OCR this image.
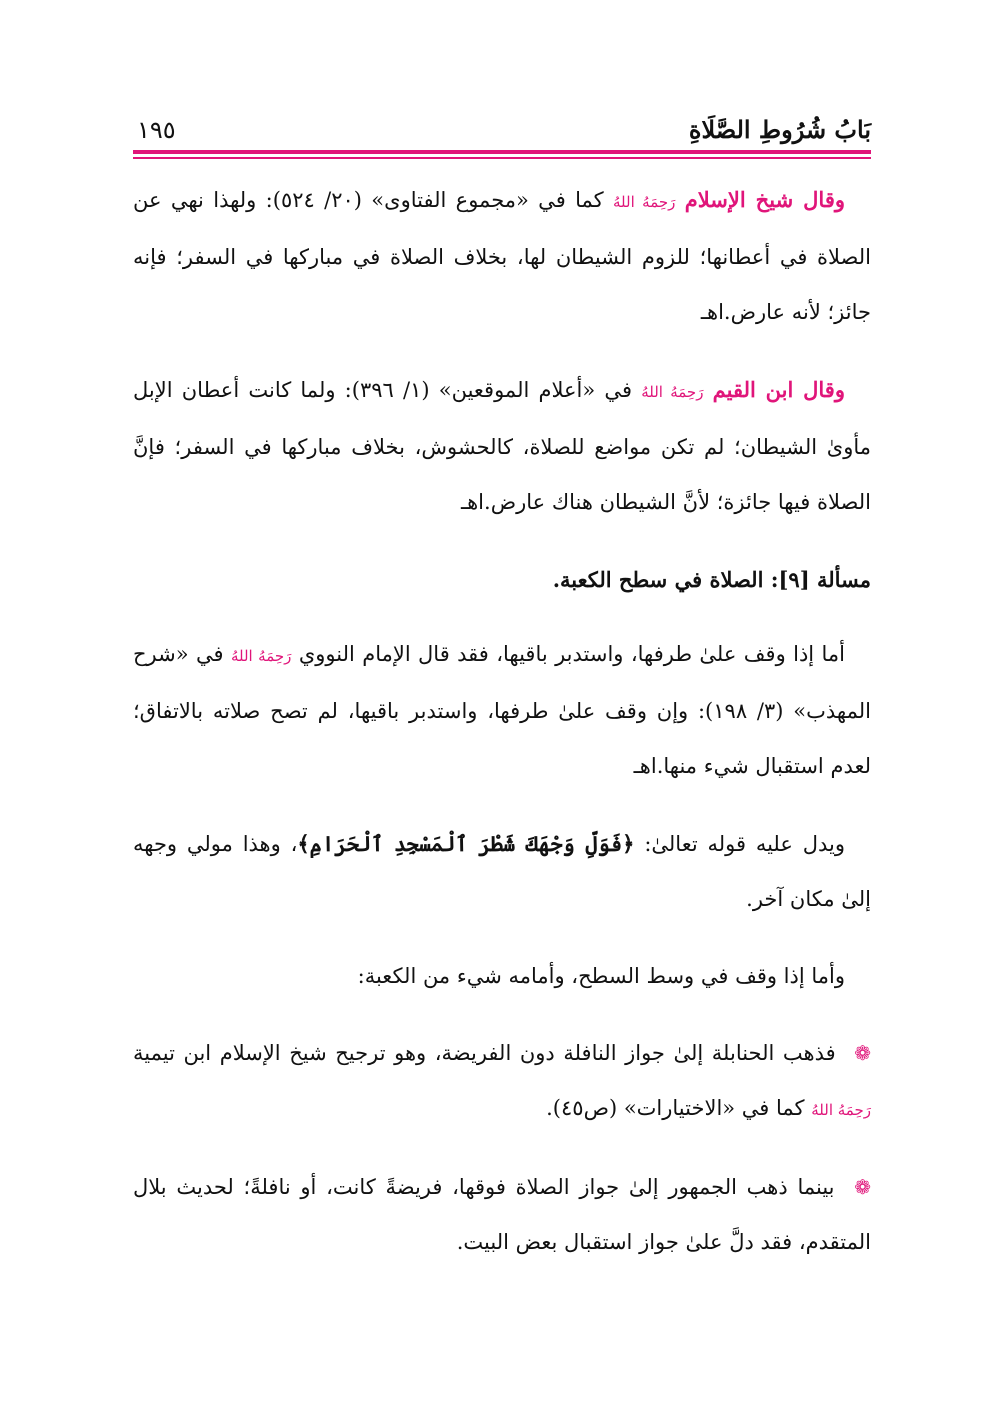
بَابُ شُرُوطِ الصَّلَاةِ
١٩٥

وقال شيخ الإسلام رَحِمَهُ اللهُ كما في «مجموع الفتاوى» (٢٠/ ٥٢٤): ولهذا نهي عن الصلاة في أعطانها؛ للزوم الشيطان لها، بخلاف الصلاة في مباركها في السفر؛ فإنه جائز؛ لأنه عارض.اهـ

وقال ابن القيم رَحِمَهُ اللهُ في «أعلام الموقعين» (١/ ٣٩٦): ولما كانت أعطان الإبل مأوىٰ الشيطان؛ لم تكن مواضع للصلاة، كالحشوش، بخلاف مباركها في السفر؛ فإنَّ الصلاة فيها جائزة؛ لأنَّ الشيطان هناك عارض.اهـ

مسألة [٩]: الصلاة في سطح الكعبة.

أما إذا وقف علىٰ طرفها، واستدبر باقيها، فقد قال الإمام النووي رَحِمَهُ اللهُ في «شرح المهذب» (٣/ ١٩٨): وإن وقف علىٰ طرفها، واستدبر باقيها، لم تصح صلاته بالاتفاق؛ لعدم استقبال شيء منها.اهـ

ويدل عليه قوله تعالىٰ: ﴿فَوَلِّ وَجْهَكَ شَطْرَ ٱلْمَسْجِدِ ٱلْحَرَامِ﴾، وهذا مولي وجهه إلىٰ مكان آخر.

وأما إذا وقف في وسط السطح، وأمامه شيء من الكعبة:

❁ فذهب الحنابلة إلىٰ جواز النافلة دون الفريضة، وهو ترجيح شيخ الإسلام ابن تيمية رَحِمَهُ اللهُ كما في «الاختيارات» (ص٤٥).

❁ بينما ذهب الجمهور إلىٰ جواز الصلاة فوقها، فريضةً كانت، أو نافلةً؛ لحديث بلال المتقدم، فقد دلَّ علىٰ جواز استقبال بعض البيت.
